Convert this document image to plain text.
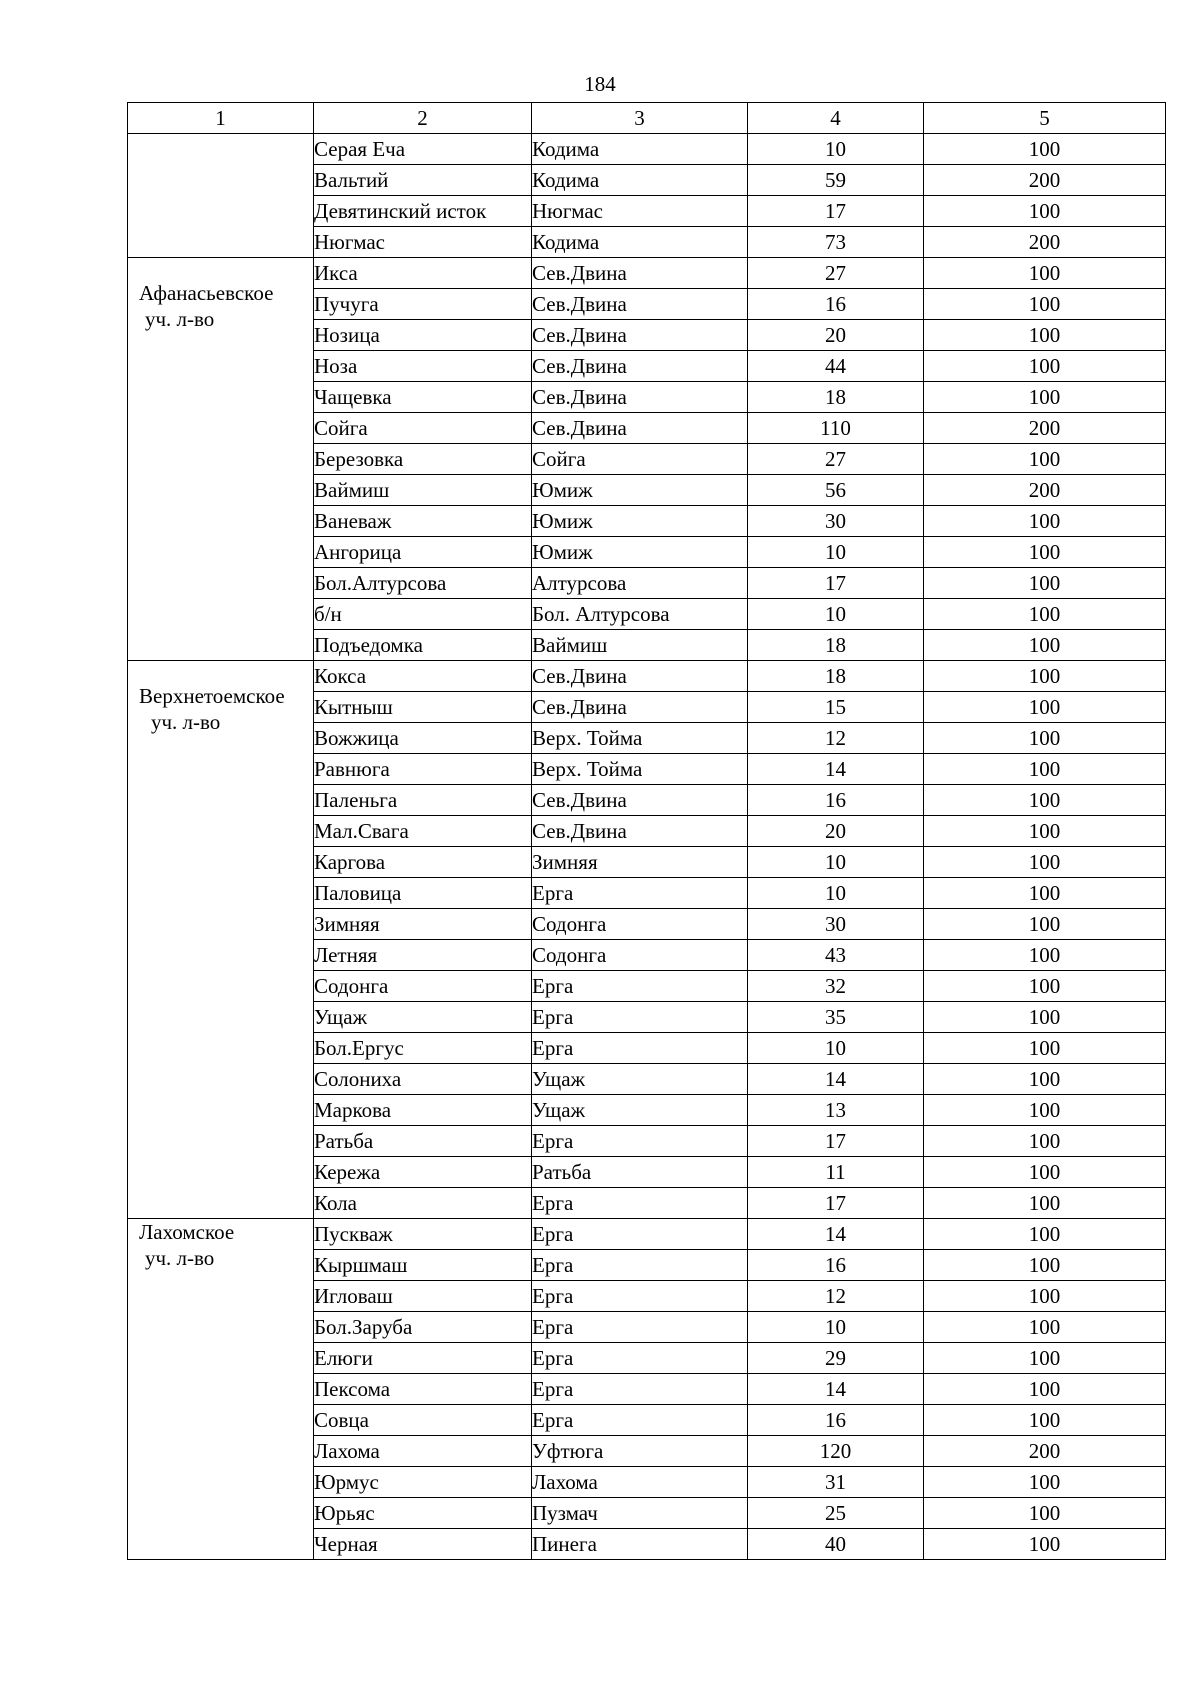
184
1	2	3	4	5
	Серая Еча	Кодима	10	100
	Вальтий	Кодима	59	200
	Девятинский исток	Нюгмас	17	100
	Нюгмас	Кодима	73	200

Афанасьевское
уч. л-во	Икса	Сев.Двина	27	100
	Пучуга	Сев.Двина	16	100
	Нозица	Сев.Двина	20	100
	Ноза	Сев.Двина	44	100
	Чащевка	Сев.Двина	18	100
	Сойга	Сев.Двина	110	200
	Березовка	Сойга	27	100
	Ваймиш	Юмиж	56	200
	Ваневаж	Юмиж	30	100
	Ангорица	Юмиж	10	100
	Бол.Алтурсова	Алтурсова	17	100
	б/н	Бол. Алтурсова	10	100
	Подъедомка	Ваймиш	18	100

Верхнетоемское
уч. л-во	Кокса	Сев.Двина	18	100
	Кытныш	Сев.Двина	15	100
	Вожжица	Верх. Тойма	12	100
	Равнюга	Верх. Тойма	14	100
	Паленьга	Сев.Двина	16	100
	Мал.Свага	Сев.Двина	20	100
	Каргова	Зимняя	10	100
	Паловица	Ерга	10	100
	Зимняя	Содонга	30	100
	Летняя	Содонга	43	100
	Содонга	Ерга	32	100
	Ущаж	Ерга	35	100
	Бол.Ергус	Ерга	10	100
	Солониха	Ущаж	14	100
	Маркова	Ущаж	13	100
	Ратьба	Ерга	17	100
	Кережа	Ратьба	11	100
	Кола	Ерга	17	100

Лахомское
уч. л-во	Пускваж	Ерга	14	100
	Кыршмаш	Ерга	16	100
	Игловаш	Ерга	12	100
	Бол.Заруба	Ерга	10	100
	Елюги	Ерга	29	100
	Пексома	Ерга	14	100
	Совца	Ерга	16	100
	Лахома	Уфтюга	120	200
	Юрмус	Лахома	31	100
	Юрьяс	Пузмач	25	100
	Черная	Пинега	40	100
